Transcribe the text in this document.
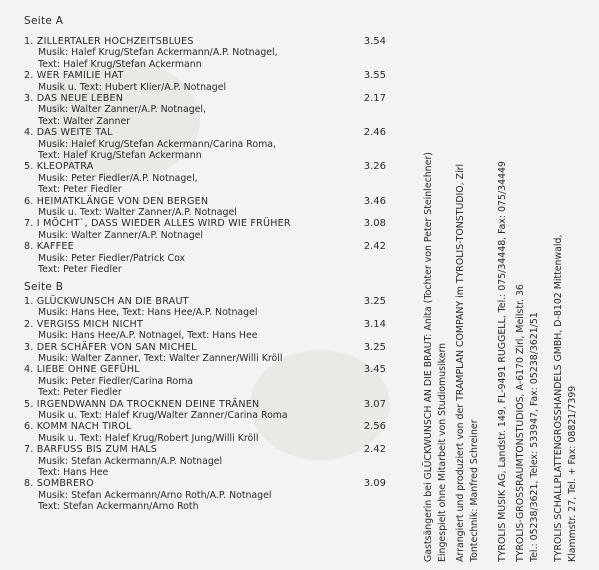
Seite A
1. ZILLERTALER HOCHZEITSBLUES	3.54
Musik: Halef Krug/Stefan Ackermann/A.P. Notnagel,
Text: Halef Krug/Stefan Ackermann
2. WER FAMILIE HAT	3.55
Musik u. Text: Hubert Klier/A.P. Notnagel
3. DAS NEUE LEBEN	2.17
Musik: Walter Zanner/A.P. Notnagel,
Text: Walter Zanner
4. DAS WEITE TAL	2.46
Musik: Halef Krug/Stefan Ackermann/Carina Roma,
Text: Halef Krug/Stefan Ackermann
5. KLEOPATRA	3.26
Musik: Peter Fiedler/A.P. Notnagel,
Text: Peter Fiedler
6. HEIMATKLÄNGE VON DEN BERGEN	3.46
Musik u. Text: Walter Zanner/A.P. Notnagel
7. I MÖCHT`, DASS WIEDER ALLES WIRD WIE FRÜHER	3.08
Musik: Walter Zanner/A.P. Notnagel
8. KAFFEE	2.42
Musik: Peter Fiedler/Patrick Cox
Text: Peter Fiedler
Seite B
1. GLÜCKWUNSCH AN DIE BRAUT	3.25
Musik: Hans Hee, Text: Hans Hee/A.P. Notnagel
2. VERGISS MICH NICHT	3.14
Musik: Hans Hee/A.P. Notnagel, Text: Hans Hee
3. DER SCHÄFER VON SAN MICHEL	3.25
Musik: Walter Zanner, Text: Walter Zanner/Willi Kröll
4. LIEBE OHNE GEFÜHL	3.45
Musik: Peter Fiedler/Carina Roma
Text: Peter Fiedler
5. IRGENDWANN DA TROCKNEN DEINE TRÄNEN	3.07
Musik u. Text: Halef Krug/Walter Zanner/Carina Roma
6. KOMM NACH TIROL	2.56
Musik u. Text: Halef Krug/Robert Jung/Willi Kröll
7. BARFUSS BIS ZUM HALS	2.42
Musik: Stefan Ackermann/A.P. Notnagel
Text: Hans Hee
8. SOMBRERO	3.09
Musik: Stefan Ackermann/Arno Roth/A.P. Notnagel
Text: Stefan Ackermann/Arno Roth	Gastsängerin bei GLÜCKWUNSCH AN DIE BRAUT: Anita (Tochter von Peter Steinlechner) Eingespielt ohne Mitarbeit von Studiomusikern Arrangiert und produziert von der TRAMPLAN COMPANY im TYROLIS-TONSTUDIO, Zirl Tontechnik: Manfred Schreiner TYROLIS MUSIK AG, Landstr. 149, FL-9491 RUGGELL, Tel.: 075/34448, Fax: 075/34449 TYROLIS-GROSSRAUMTONSTUDIOS, A-6170 Zirl, Meilstr. 36 Tel.: 05238/3621, Telex: 533947, Fax: 05238/3621/51 TYROLIS SCHALLPLATTENGROSSHANDELS GMBH, D-8102 Mittenwald, Klammstr. 27, Tel. + Fax: 08821/7399
